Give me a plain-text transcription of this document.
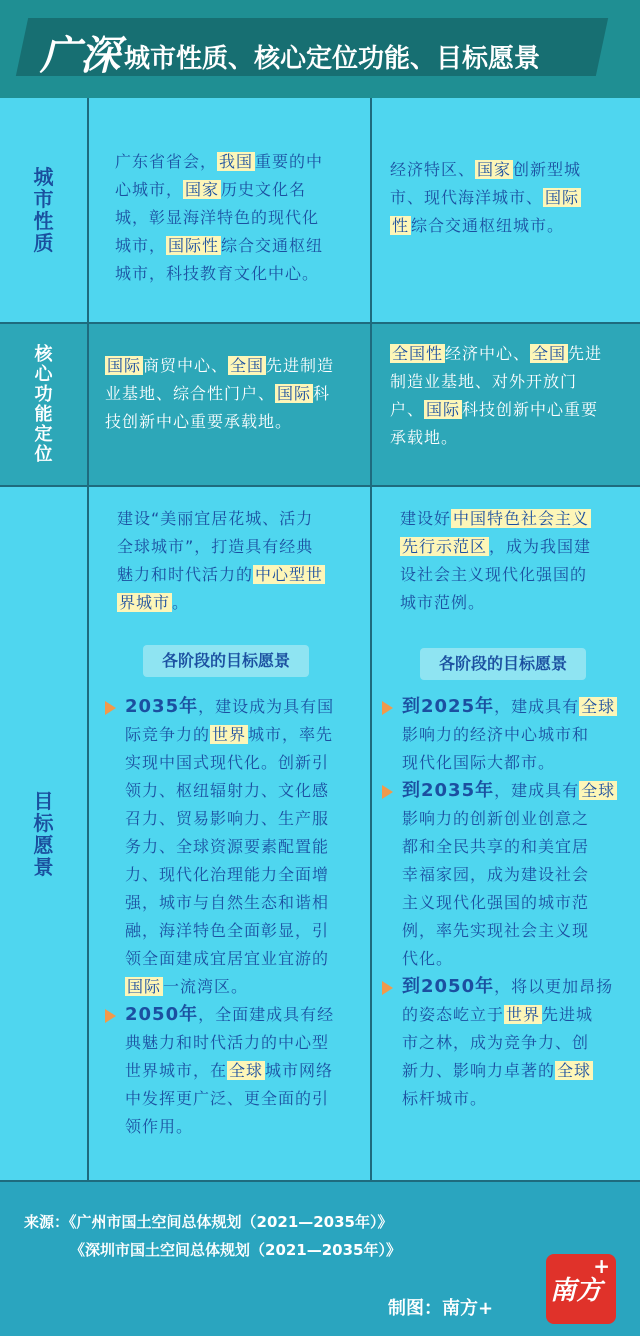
广深 城市性质、核心定位功能、目标愿景
城
市
性
质
广东省省会， 我国 重要的中
心城市， 国家 历史文化名
城，彰显海洋特色的现代化
城市， 国际性 综合交通枢纽
城市，科技教育文化中心。
经济特区、 国家 创新型城
市、现代海洋城市、 国际
性 综合交通枢纽城市。
核
心
功
能
定
位
国际 商贸中心、 全国 先进制造
业基地、综合性门户、 国际 科
技创新中心重要承载地。
全国性 经济中心、 全国 先进
制造业基地、对外开放门
户、 国际 科技创新中心重要
承载地。
目
标
愿
景
建设“美丽宜居花城、活力
全球城市”，打造具有经典
魅力和时代活力的 中心型世
界城市 。
各阶段的目标愿景
2035年，建设成为具有国
际竞争力的 世界 城市，率先
实现中国式现代化。创新引
领力、枢纽辐射力、文化感
召力、贸易影响力、生产服
务力、全球资源要素配置能
力、现代化治理能力全面增
强，城市与自然生态和谐相
融，海洋特色全面彰显，引
领全面建成宜居宜业宜游的
国际 一流湾区。
2050年，全面建成具有经
典魅力和时代活力的中心型
世界城市，在 全球 城市网络
中发挥更广泛、更全面的引
领作用。
建设好 中国特色社会主义
先行示范区 ，成为我国建
设社会主义现代化强国的
城市范例。
各阶段的目标愿景
到2025年，建成具有 全球
影响力的经济中心城市和
现代化国际大都市。
到2035年，建成具有 全球
影响力的创新创业创意之
都和全民共享的和美宜居
幸福家园，成为建设社会
主义现代化强国的城市范
例，率先实现社会主义现
代化。
到2050年，将以更加昂扬
的姿态屹立于 世界 先进城
市之林，成为竞争力、创
新力、影响力卓著的 全球
标杆城市。
来源：《广州市国土空间总体规划（2021—2035年）》
《深圳市国土空间总体规划（2021—2035年）》
制图：南方+
南方
+
